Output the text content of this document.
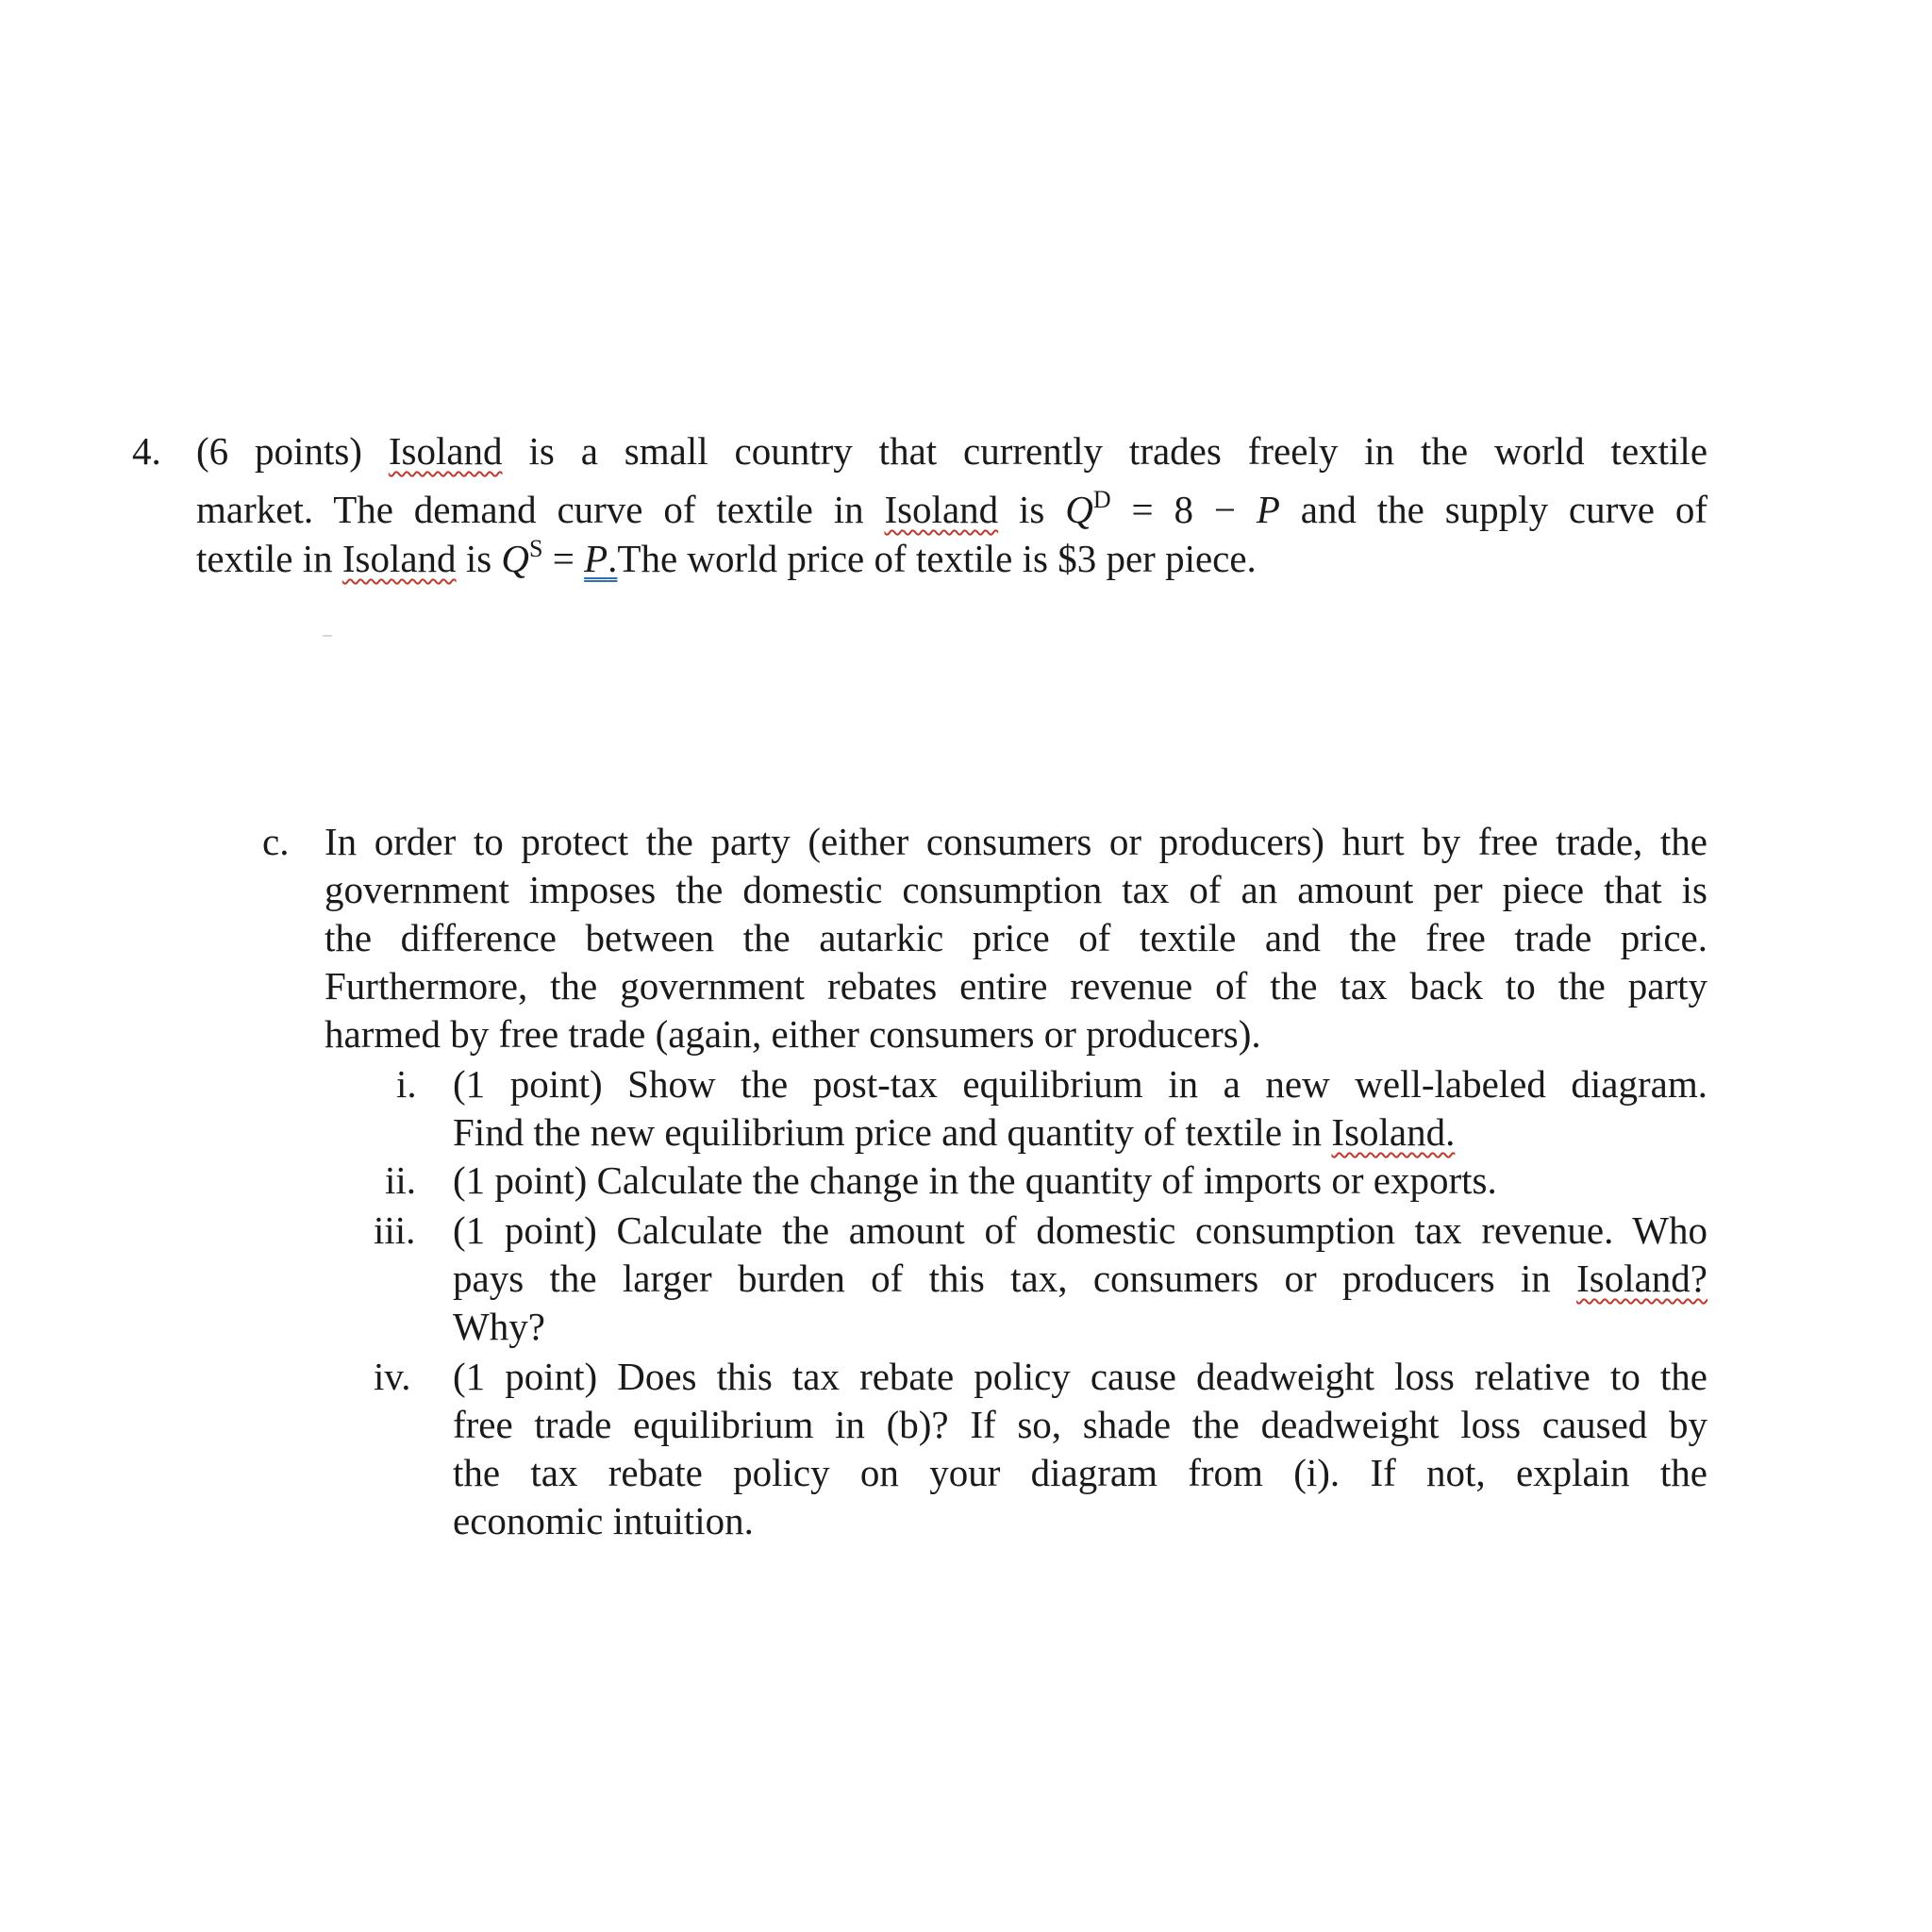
4. (6 points) Isoland is a small country that currently trades freely in the world textile
market. The demand curve of textile in Isoland is $Q^D = 8 - P$ and the supply curve of
textile in Isoland is $Q^S = P.The$ world price of textile is $3 per piece.
c. In order to protect the party (either consumers or producers) hurt by free trade, the
government imposes the domestic consumption tax of an amount per piece that is
the difference between the autarkic price of textile and the free trade price.
Furthermore, the government rebates entire revenue of the tax back to the party
harmed by free trade (again, either consumers or producers).
i. (1 point) Show the post-tax equilibrium in a new well-labeled diagram.
Find the new equilibrium price and quantity of textile in Isoland.
ii. (1 point) Calculate the change in the quantity of imports or exports.
iii. (1 point) Calculate the amount of domestic consumption tax revenue. Who
pays the larger burden of this tax, consumers or producers in Isoland?
Why?
iv. (1 point) Does this tax rebate policy cause deadweight loss relative to the
free trade equilibrium in (b)? If so, shade the deadweight loss caused by
the tax rebate policy on your diagram from (i). If not, explain the
economic intuition.
